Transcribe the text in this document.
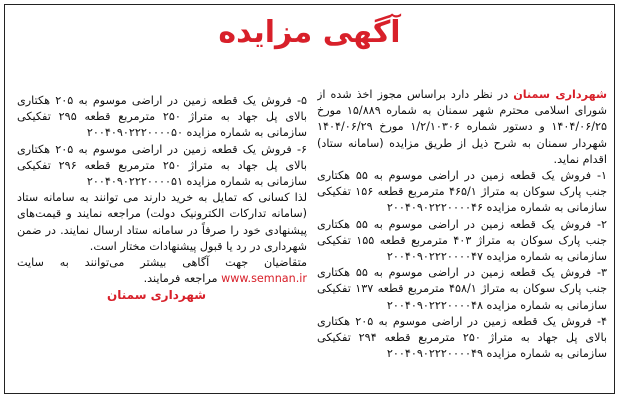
آگهی مزایده

شهرداری سمنان در نظر دارد براساس مجوز اخذ شده از شورای اسلامی محترم شهر سمنان به شماره ۱۵/۸۸۹ مورخ ۱۴۰۴/۰۶/۲۵ و دستور شماره ۱/۲/۱۰۳۰۶ مورخ ۱۴۰۴/۰۶/۲۹ شهردار سمنان به شرح ذیل از طریق مزایده (سامانه ستاد) اقدام نماید.

۱- فروش یک قطعه زمین در اراضی موسوم به ۵۵ هکتاری جنب پارک سوکان به متراژ ۴۶۵/۱ مترمربع قطعه ۱۵۶ تفکیکی سازمانی به شماره مزایده ۲۰۰۴۰۹۰۲۲۲۰۰۰۰۴۶

۲- فروش یک قطعه زمین در اراضی موسوم به ۵۵ هکتاری جنب پارک سوکان به متراژ ۴۰۳ مترمربع قطعه ۱۵۵ تفکیکی سازمانی به شماره مزایده ۲۰۰۴۰۹۰۲۲۲۰۰۰۰۴۷

۳- فروش یک قطعه زمین در اراضی موسوم به ۵۵ هکتاری جنب پارک سوکان به متراژ ۴۵۸/۱ مترمربع قطعه ۱۳۷ تفکیکی سازمانی به شماره مزایده ۲۰۰۴۰۹۰۲۲۲۰۰۰۰۴۸

۴- فروش یک قطعه زمین در اراضی موسوم به ۲۰۵ هکتاری بالای پل جهاد به متراژ ۲۵۰ مترمربع قطعه ۲۹۴ تفکیکی سازمانی به شماره مزایده ۲۰۰۴۰۹۰۲۲۲۰۰۰۰۴۹

۵- فروش یک قطعه زمین در اراضی موسوم به ۲۰۵ هکتاری بالای پل جهاد به متراژ ۲۵۰ مترمربع قطعه ۲۹۵ تفکیکی سازمانی به شماره مزایده ۲۰۰۴۰۹۰۲۲۲۰۰۰۰۵۰

۶- فروش یک قطعه زمین در اراضی موسوم به ۲۰۵ هکتاری بالای پل جهاد به متراژ ۲۵۰ مترمربع قطعه ۲۹۶ تفکیکی سازمانی به شماره مزایده ۲۰۰۴۰۹۰۲۲۲۰۰۰۰۵۱

لذا کسانی که تمایل به خرید دارند می توانند به سامانه ستاد (سامانه تدارکات الکترونیک دولت) مراجعه نمایند و قیمت‌های پیشنهادی خود را صرفاً در سامانه ستاد ارسال نمایند. در ضمن شهرداری در رد یا قبول پیشنهادات مختار است.

متقاضیان جهت آگاهی بیشتر می‌توانند به سایت www.semnan.ir مراجعه فرمایند.

شهرداری سمنان
